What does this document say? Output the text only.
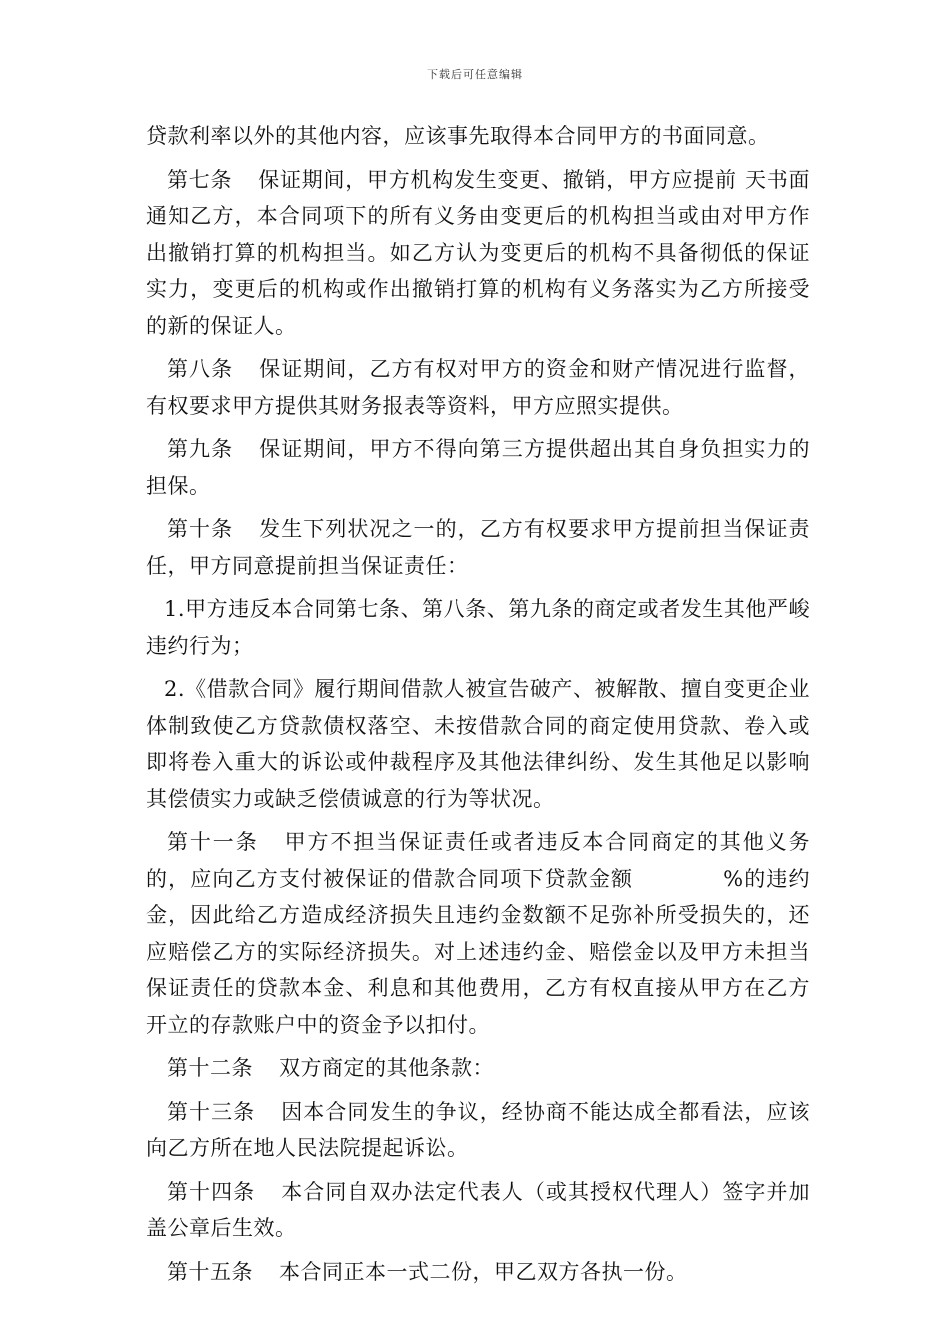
下载后可任意编辑

贷款利率以外的其他内容，应该事先取得本合同甲方的书面同意。

第七条 保证期间，甲方机构发生变更、撤销，甲方应提前 天书面通知乙方，本合同项下的所有义务由变更后的机构担当或由对甲方作出撤销打算的机构担当。如乙方认为变更后的机构不具备彻低的保证实力，变更后的机构或作出撤销打算的机构有义务落实为乙方所接受的新的保证人。

第八条 保证期间，乙方有权对甲方的资金和财产情况进行监督，有权要求甲方提供其财务报表等资料，甲方应照实提供。

第九条 保证期间，甲方不得向第三方提供超出其自身负担实力的担保。

第十条 发生下列状况之一的，乙方有权要求甲方提前担当保证责任，甲方同意提前担当保证责任：

1.甲方违反本合同第七条、第八条、第九条的商定或者发生其他严峻违约行为；

2.《借款合同》履行期间借款人被宣告破产、被解散、擅自变更企业体制致使乙方贷款债权落空、未按借款合同的商定使用贷款、卷入或即将卷入重大的诉讼或仲裁程序及其他法律纠纷、发生其他足以影响其偿债实力或缺乏偿债诚意的行为等状况。

第十一条 甲方不担当保证责任或者违反本合同商定的其他义务的，应向乙方支付被保证的借款合同项下贷款金额	%的违约金，因此给乙方造成经济损失且违约金数额不足弥补所受损失的，还应赔偿乙方的实际经济损失。对上述违约金、赔偿金以及甲方未担当保证责任的贷款本金、利息和其他费用，乙方有权直接从甲方在乙方开立的存款账户中的资金予以扣付。

第十二条 双方商定的其他条款：

第十三条 因本合同发生的争议，经协商不能达成全都看法，应该向乙方所在地人民法院提起诉讼。

第十四条 本合同自双办法定代表人（或其授权代理人）签字并加盖公章后生效。

第十五条 本合同正本一式二份，甲乙双方各执一份。
